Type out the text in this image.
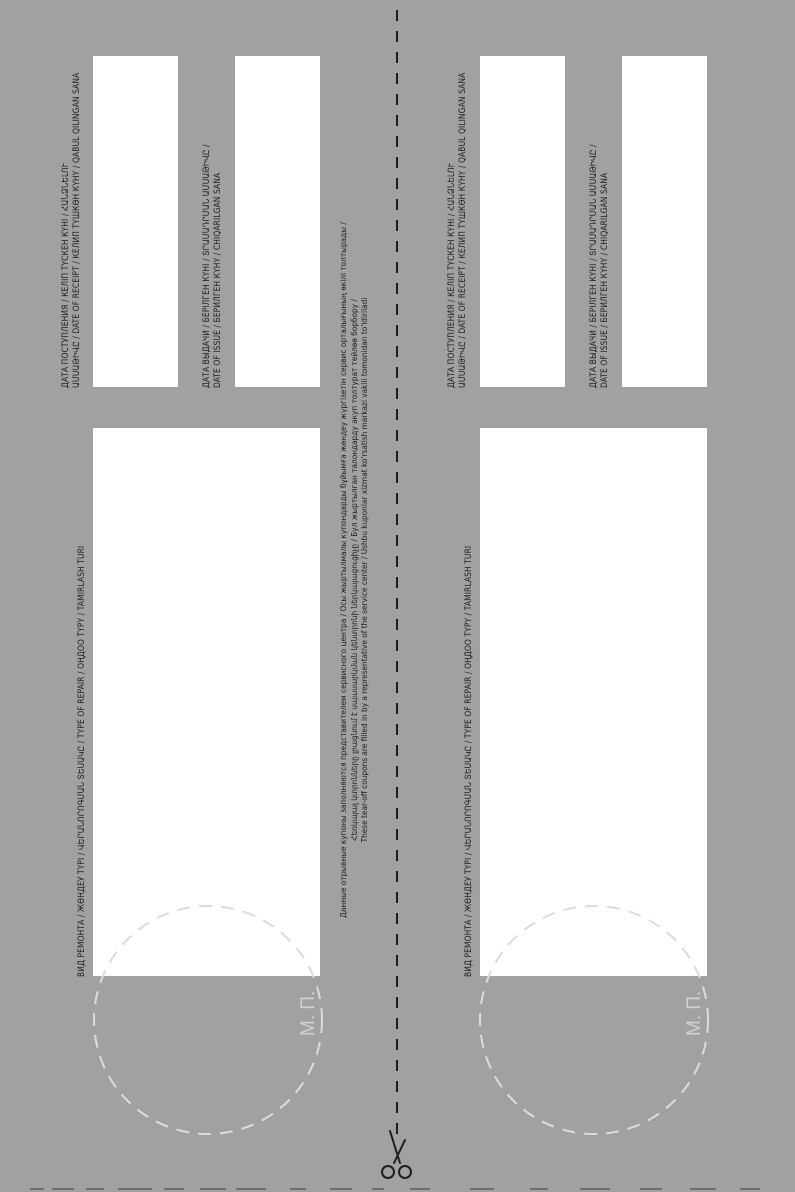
ДАТА ПОСТУПЛЕНИЯ / КЕЛІП ТҮСКЕН КҮНІ / ՀԱՆՁՆԵԼՈՒ ԱՄՍԱԹԻՎԸ / DATE OF RECEIPT / КЕЛИП ТҮШКӨН КҮНҮ / QABUL QILINGAN SANA	ДАТА ВЫДАЧИ / БЕРІЛГЕН КҮНІ / ՏՐԱՄԱԴՐՄԱՆ ԱՄՍԱԹԻՎԸ / DATE OF ISSUE / БЕРИЛГЕН КҮНҮ / CHIQARILGAN SANA
ВИД РЕМОНТА / ЖӨНДЕУ ТҮРІ / ՎԵՐԱՆՈՐՈԳՄԱՆ ՏԵՍԱԿԸ / TYPE OF REPAIR / ОҢДОО ТҮРҮ / TAMIRLASH TURI
М. П.
ДАТА ПОСТУПЛЕНИЯ / КЕЛІП ТҮСКЕН КҮНІ / ՀԱՆՁՆԵԼՈՒ ԱՄՍԱԹԻՎԸ / DATE OF RECEIPT / КЕЛИП ТҮШКӨН КҮНҮ / QABUL QILINGAN SANA	ДАТА ВЫДАЧИ / БЕРІЛГЕН КҮНІ / ՏՐԱՄԱԴՐՄԱՆ ԱՄՍԱԹԻՎԸ / DATE OF ISSUE / БЕРИЛГЕН КҮНҮ / CHIQARILGAN SANA
ВИД РЕМОНТА / ЖӨНДЕУ ТҮРІ / ՎԵՐԱՆՈՐՈԳՄԱՆ ՏԵՍԱԿԸ / TYPE OF REPAIR / ОҢДОО ТҮРҮ / TAMIRLASH TURI
М. П.
Данные отрывные купоны заполняются представителем сервисного центра / Осы жыртылмалы купондарды бұйымға жөндеу жүргізетін сервис орталығының өкілі толтырады / Հեռկայալ կտրոնները լրացնում է սպասարկման կենտրոնի ներկայացուցիչը / Бул жыртылган талондарду акуп толтурат тейлөө борбору / These tear-off coupons are filled in by a representative of the service center / Ushbu kuponlar xizmat ko'rsatish markazi vakili tomonidan to'ldiriladi
